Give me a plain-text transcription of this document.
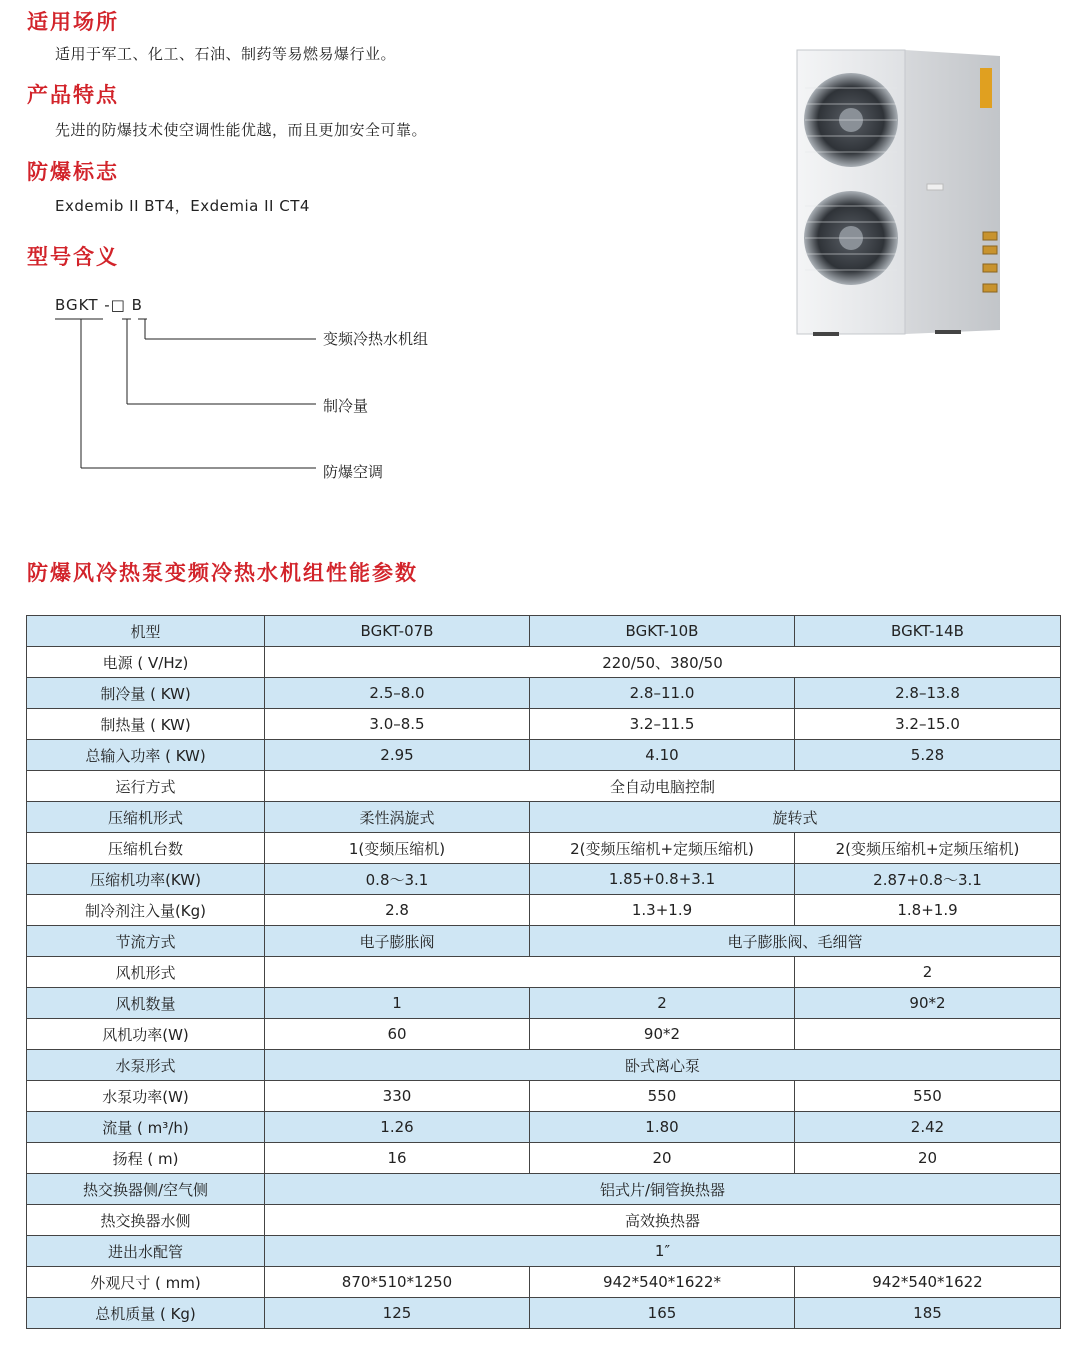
适用场所
适用于军工、化工、石油、制药等易燃易爆行业。
产品特点
先进的防爆技术使空调性能优越，而且更加安全可靠。
防爆标志
Exdemib II BT4，Exdemia II CT4
型号含义
BGKT -□ B
变频冷热水机组
制冷量
防爆空调
防爆风冷热泵变频冷热水机组性能参数
机型	BGKT-07B	BGKT-10B	BGKT-14B
电源 ( V/Hz)	220/50、380/50		
制冷量 ( KW)	2.5–8.0	2.8–11.0	2.8–13.8
制热量 ( KW)	3.0–8.5	3.2–11.5	3.2–15.0
总输入功率 ( KW)	2.95	4.10	5.28
运行方式	全自动电脑控制		
压缩机形式	柔性涡旋式	旋转式	
压缩机台数	1(变频压缩机)	2(变频压缩机+定频压缩机)	2(变频压缩机+定频压缩机)
压缩机功率(KW)	0.8～3.1	1.85+0.8+3.1	2.87+0.8～3.1
制冷剂注入量(Kg)	2.8	1.3+1.9	1.8+1.9
节流方式	电子膨胀阀	电子膨胀阀、毛细管	
风机形式			2
风机数量	1	2	90*2
风机功率(W)	60	90*2	
水泵形式	卧式离心泵		
水泵功率(W)	330	550	550
流量 ( m³/h)	1.26	1.80	2.42
扬程 ( m)	16	20	20
热交换器侧/空气侧	铝式片/铜管换热器		
热交换器水侧	高效换热器		
进出水配管	1″		
外观尺寸 ( mm)	870*510*1250	942*540*1622*	942*540*1622
总机质量 ( Kg)	125	165	185
